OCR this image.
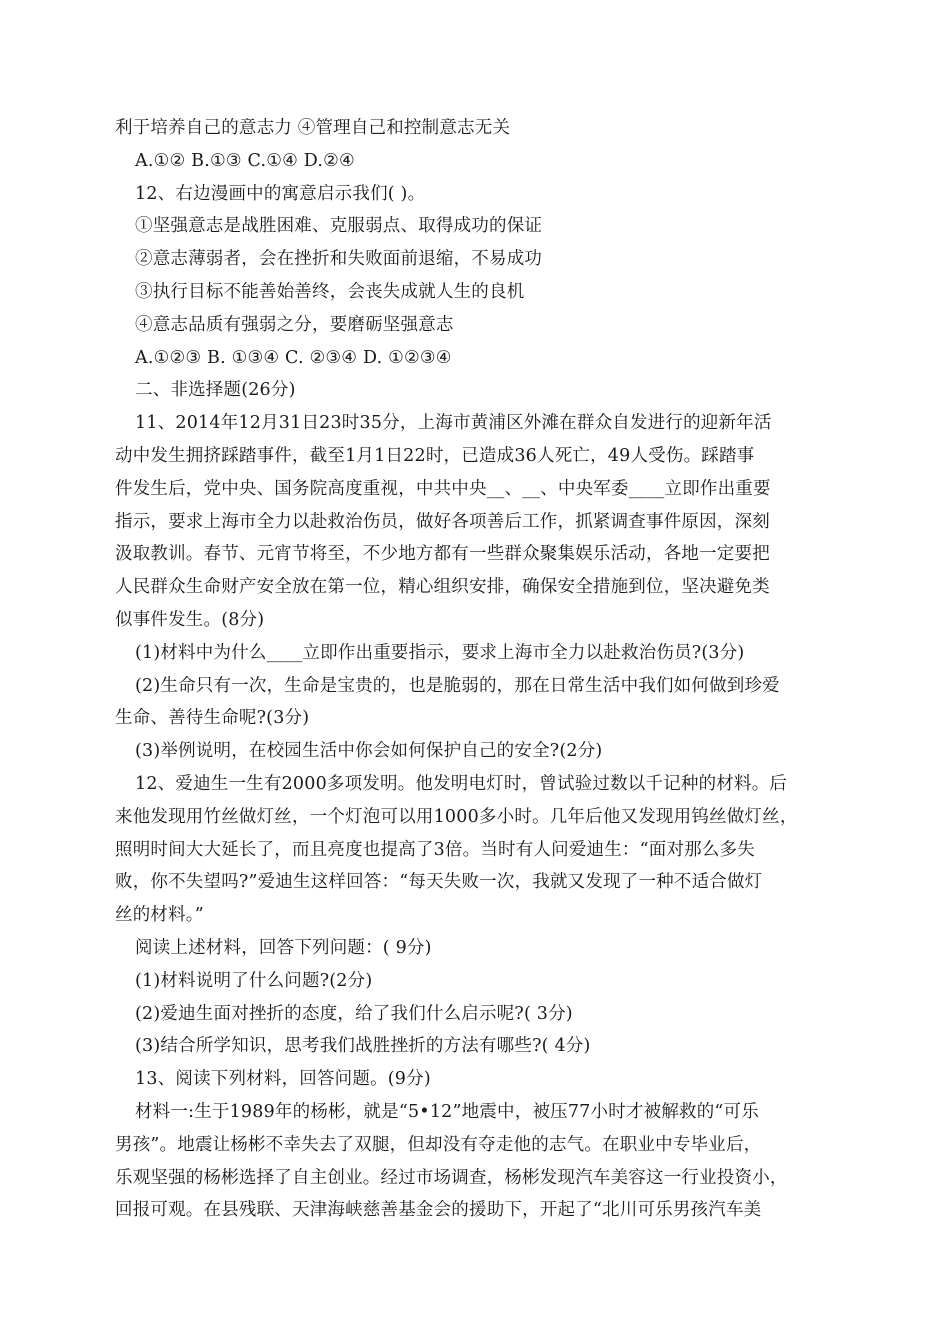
利于培养自己的意志力 ④管理自己和控制意志无关
A.①② B.①③ C.①④ D.②④
12、右边漫画中的寓意启示我们( )。
①坚强意志是战胜困难、克服弱点、取得成功的保证
②意志薄弱者，会在挫折和失败面前退缩，不易成功
③执行目标不能善始善终，会丧失成就人生的良机
④意志品质有强弱之分，要磨砺坚强意志
A.①②③ B. ①③④ C. ②③④ D. ①②③④
二、非选择题(26分)
11、2014年12月31日23时35分，上海市黄浦区外滩在群众自发进行的迎新年活
动中发生拥挤踩踏事件，截至1月1日22时，已造成36人死亡，49人受伤。踩踏事
件发生后，党中央、国务院高度重视，中共中央__、__、中央军委____立即作出重要
指示，要求上海市全力以赴救治伤员，做好各项善后工作，抓紧调查事件原因，深刻
汲取教训。春节、元宵节将至，不少地方都有一些群众聚集娱乐活动，各地一定要把
人民群众生命财产安全放在第一位，精心组织安排，确保安全措施到位，坚决避免类
似事件发生。(8分)
(1)材料中为什么____立即作出重要指示，要求上海市全力以赴救治伤员?(3分)
(2)生命只有一次，生命是宝贵的，也是脆弱的，那在日常生活中我们如何做到珍爱
生命、善待生命呢?(3分)
(3)举例说明，在校园生活中你会如何保护自己的安全?(2分)
12、爱迪生一生有2000多项发明。他发明电灯时，曾试验过数以千记种的材料。后
来他发现用竹丝做灯丝，一个灯泡可以用1000多小时。几年后他又发现用钨丝做灯丝，
照明时间大大延长了，而且亮度也提高了3倍。当时有人问爱迪生：“面对那么多失
败，你不失望吗?”爱迪生这样回答：“每天失败一次，我就又发现了一种不适合做灯
丝的材料。”
阅读上述材料，回答下列问题：( 9分)
(1)材料说明了什么问题?(2分)
(2)爱迪生面对挫折的态度，给了我们什么启示呢?( 3分)
(3)结合所学知识，思考我们战胜挫折的方法有哪些?( 4分)
13、阅读下列材料，回答问题。(9分)
材料一:生于1989年的杨彬，就是“5•12”地震中，被压77小时才被解救的“可乐
男孩”。地震让杨彬不幸失去了双腿，但却没有夺走他的志气。在职业中专毕业后，
乐观坚强的杨彬选择了自主创业。经过市场调查，杨彬发现汽车美容这一行业投资小，
回报可观。在县残联、天津海峡慈善基金会的援助下，开起了“北川可乐男孩汽车美
